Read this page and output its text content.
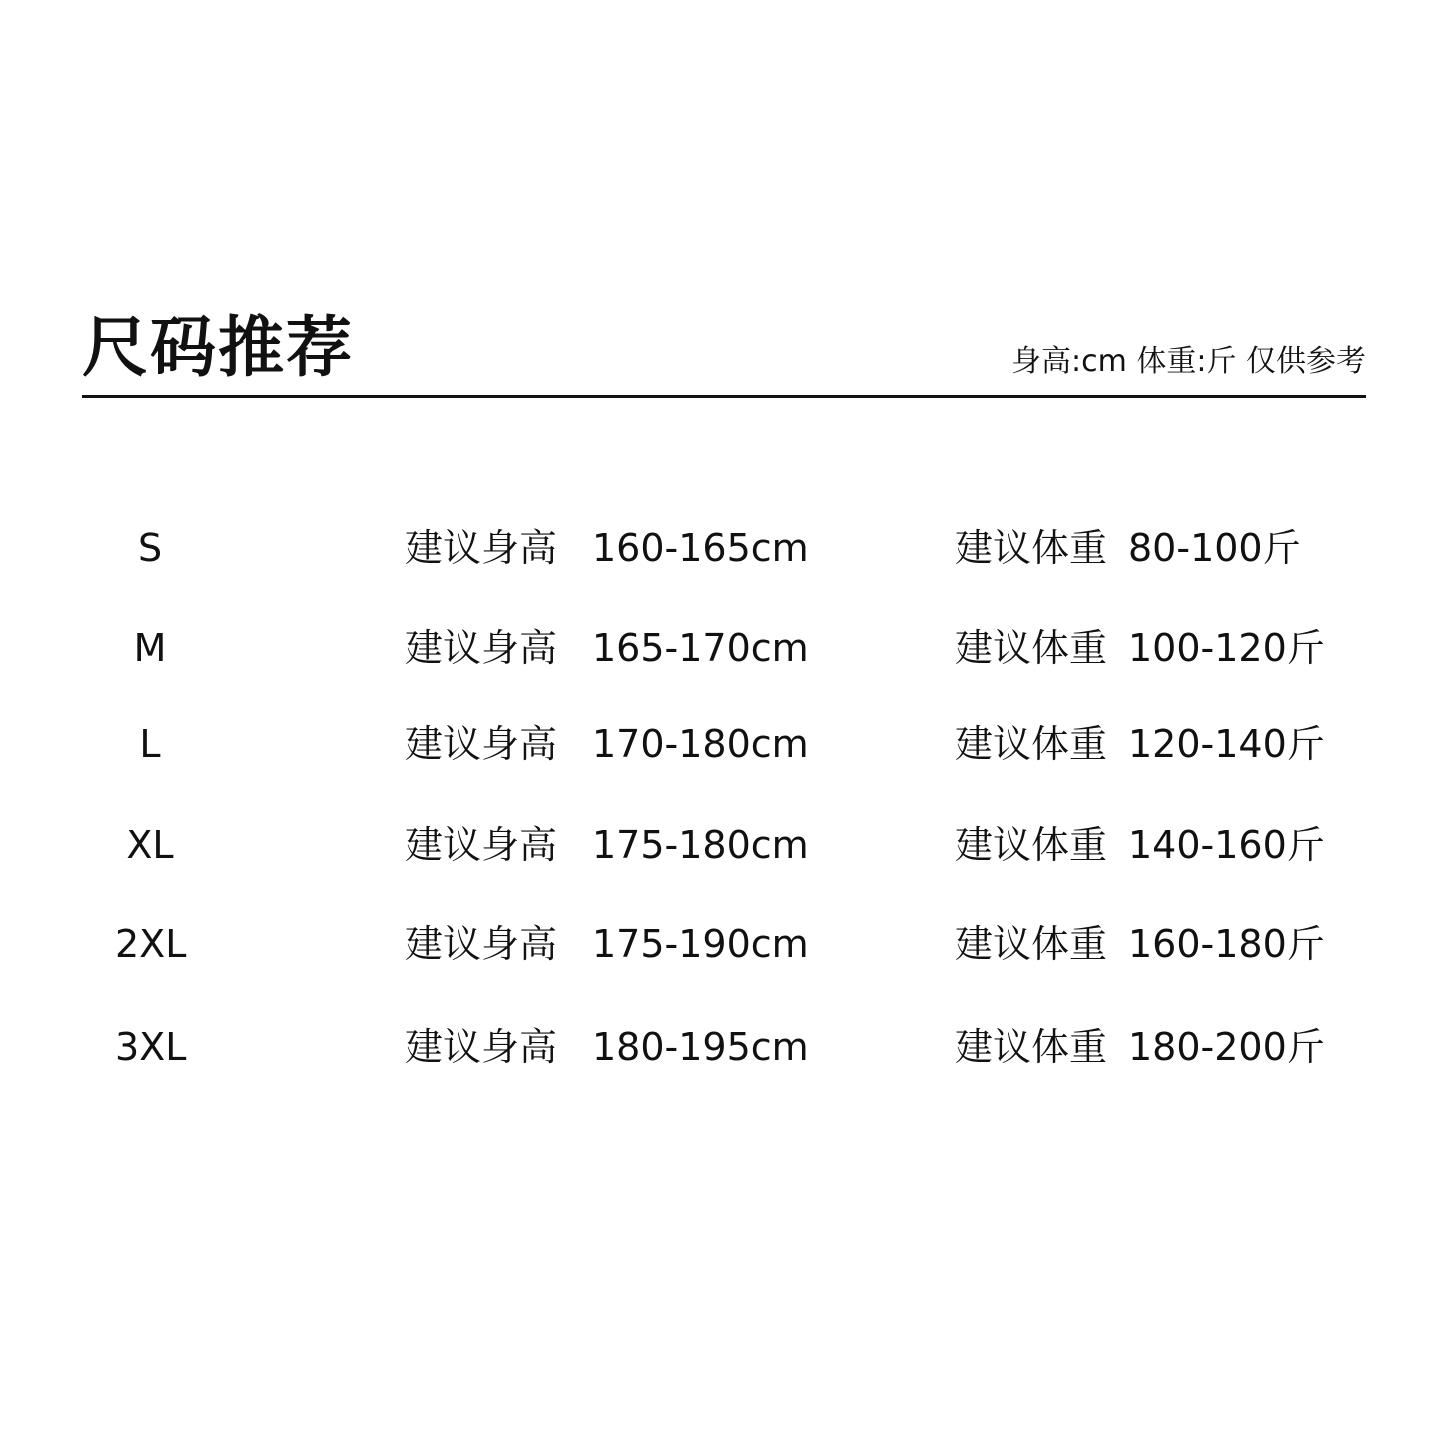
尺码推荐	身高:cm 体重:斤 仅供参考
S	建议身高 160-165cm	建议体重 80-100斤
M	建议身高 165-170cm	建议体重 100-120斤
L	建议身高 170-180cm	建议体重 120-140斤
XL	建议身高 175-180cm	建议体重 140-160斤
2XL	建议身高 175-190cm	建议体重 160-180斤
3XL	建议身高 180-195cm	建议体重 180-200斤
